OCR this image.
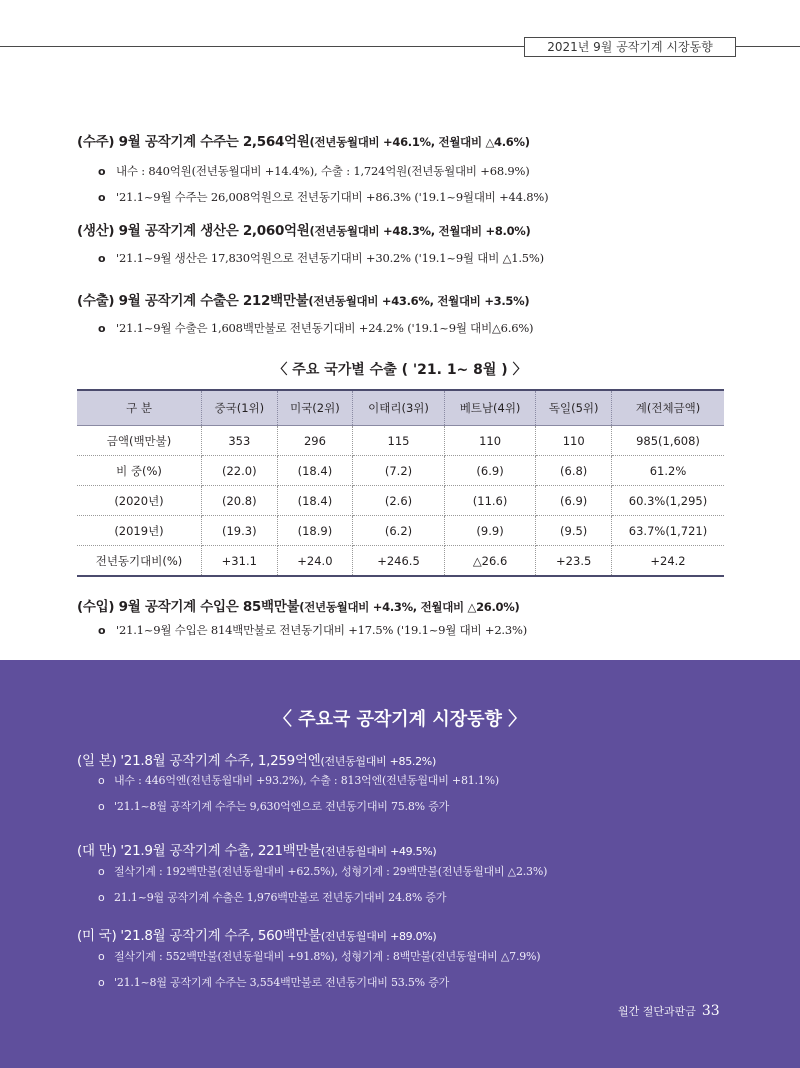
2021년 9월 공작기계 시장동향
(수주) 9월 공작기계 수주는 2,564억원(전년동월대비 +46.1%, 전월대비 △4.6%)
o 내수 : 840억원(전년동월대비 +14.4%), 수출 : 1,724억원(전년동월대비 +68.9%)
o '21.1~9월 수주는 26,008억원으로 전년동기대비 +86.3% ('19.1~9월대비 +44.8%)
(생산) 9월 공작기계 생산은 2,060억원(전년동월대비 +48.3%, 전월대비 +8.0%)
o '21.1~9월 생산은 17,830억원으로 전년동기대비 +30.2% ('19.1~9월 대비 △1.5%)
(수출) 9월 공작기계 수출은 212백만불(전년동월대비 +43.6%, 전월대비 +3.5%)
o '21.1~9월 수출은 1,608백만불로 전년동기대비 +24.2% ('19.1~9월 대비△6.6%)
〈 주요 국가별 수출 ( '21. 1~ 8월 ) 〉
구 분	중국(1위)	미국(2위)	이태리(3위)	베트남(4위)	독일(5위)	계(전체금액)
금액(백만불)	353	296	115	110	110	985(1,608)
비 중(%)	(22.0)	(18.4)	(7.2)	(6.9)	(6.8)	61.2%
(2020년)	(20.8)	(18.4)	(2.6)	(11.6)	(6.9)	60.3%(1,295)
(2019년)	(19.3)	(18.9)	(6.2)	(9.9)	(9.5)	63.7%(1,721)
전년동기대비(%)	+31.1	+24.0	+246.5	△26.6	+23.5	+24.2
(수입) 9월 공작기계 수입은 85백만불(전년동월대비 +4.3%, 전월대비 △26.0%)
o '21.1~9월 수입은 814백만불로 전년동기대비 +17.5% ('19.1~9월 대비 +2.3%)
〈 주요국 공작기계 시장동향 〉
(일 본) '21.8월 공작기계 수주, 1,259억엔(전년동월대비 +85.2%)
o 내수 : 446억엔(전년동월대비 +93.2%), 수출 : 813억엔(전년동월대비 +81.1%)
o '21.1~8월 공작기계 수주는 9,630억엔으로 전년동기대비 75.8% 증가
(대 만) '21.9월 공작기계 수출, 221백만불(전년동월대비 +49.5%)
o 절삭기계 : 192백만불(전년동월대비 +62.5%), 성형기계 : 29백만불(전년동월대비 △2.3%)
o 21.1~9월 공작기계 수출은 1,976백만불로 전년동기대비 24.8% 증가
(미 국) '21.8월 공작기계 수주, 560백만불(전년동월대비 +89.0%)
o 절삭기계 : 552백만불(전년동월대비 +91.8%), 성형기계 : 8백만불(전년동월대비 △7.9%)
o '21.1~8월 공작기계 수주는 3,554백만불로 전년동기대비 53.5% 증가
월간 절단과판금 33
